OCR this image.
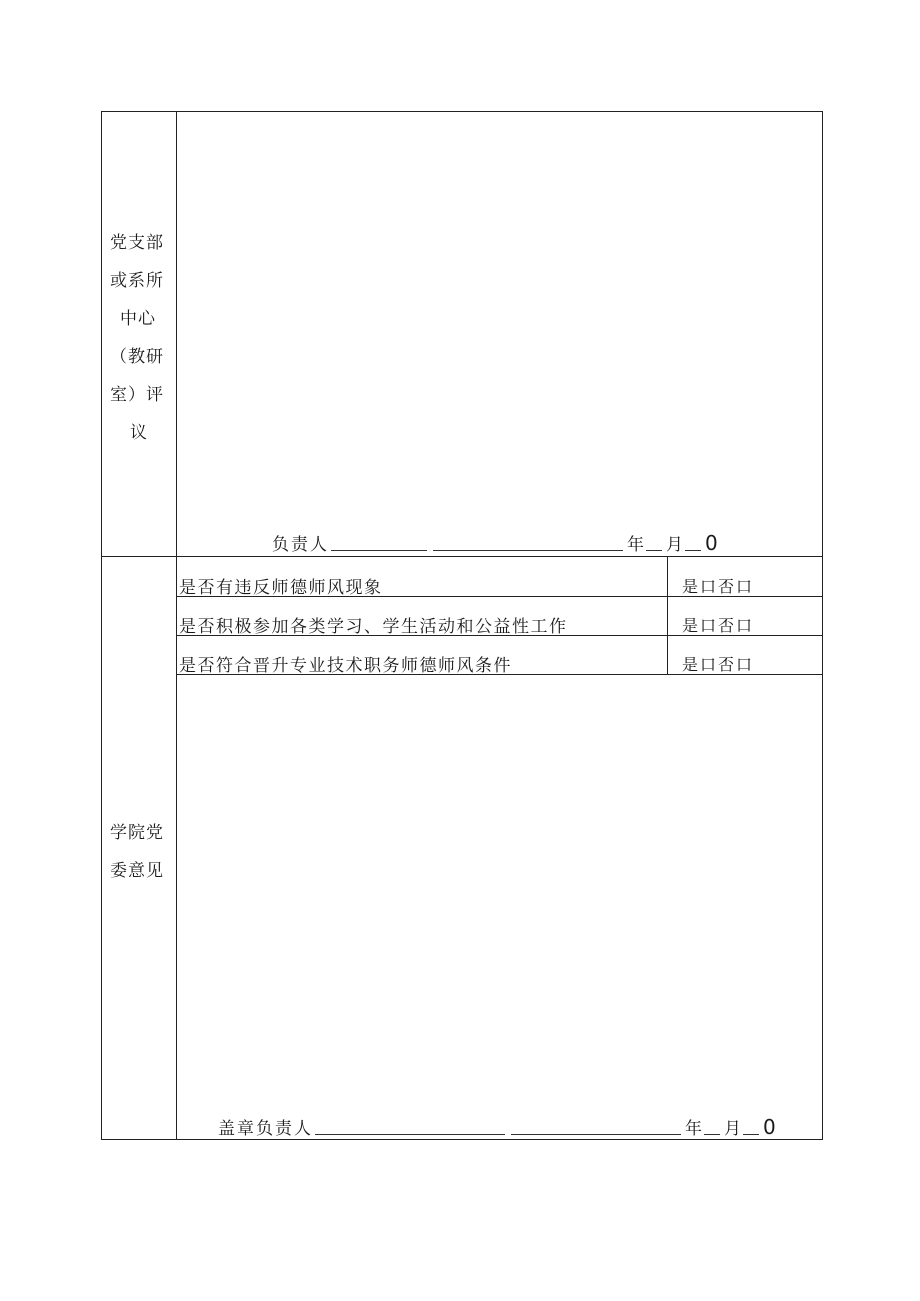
党支部
或系所
中心
（教研
室）评
议
负责人	年 月 0
学院党
委意见
是否有违反师德师风现象	是口否口
是否积极参加各类学习、学生活动和公益性工作	是口否口
是否符合晋升专业技术职务师德师风条件	是口否口
盖章负责人	年 月 0
